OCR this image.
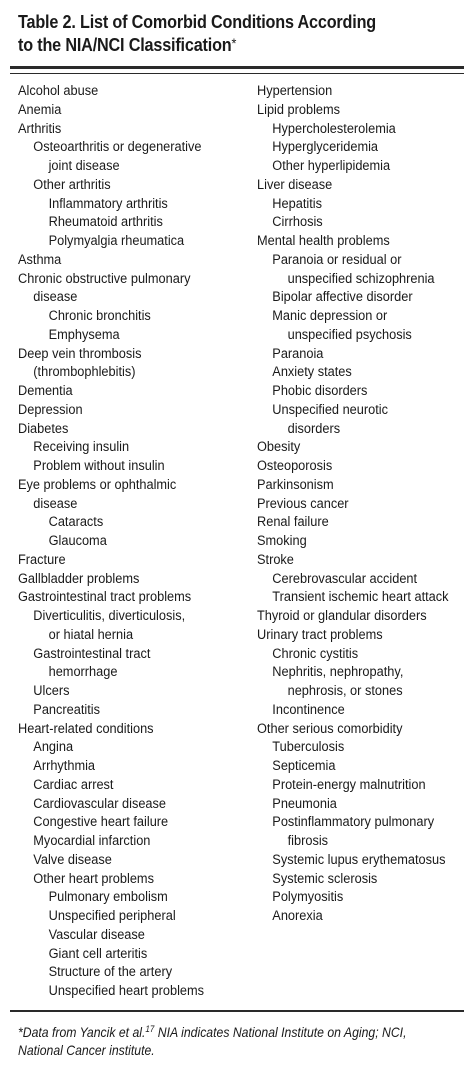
Table 2. List of Comorbid Conditions According
to the NIA/NCI Classification*
Alcohol abuse
Anemia
Arthritis
Osteoarthritis or degenerative
joint disease
Other arthritis
Inflammatory arthritis
Rheumatoid arthritis
Polymyalgia rheumatica
Asthma
Chronic obstructive pulmonary
disease
Chronic bronchitis
Emphysema
Deep vein thrombosis
(thrombophlebitis)
Dementia
Depression
Diabetes
Receiving insulin
Problem without insulin
Eye problems or ophthalmic
disease
Cataracts
Glaucoma
Fracture
Gallbladder problems
Gastrointestinal tract problems
Diverticulitis, diverticulosis,
or hiatal hernia
Gastrointestinal tract
hemorrhage
Ulcers
Pancreatitis
Heart-related conditions
Angina
Arrhythmia
Cardiac arrest
Cardiovascular disease
Congestive heart failure
Myocardial infarction
Valve disease
Other heart problems
Pulmonary embolism
Unspecified peripheral
Vascular disease
Giant cell arteritis
Structure of the artery
Unspecified heart problems
Hypertension
Lipid problems
Hypercholesterolemia
Hyperglyceridemia
Other hyperlipidemia
Liver disease
Hepatitis
Cirrhosis
Mental health problems
Paranoia or residual or
unspecified schizophrenia
Bipolar affective disorder
Manic depression or
unspecified psychosis
Paranoia
Anxiety states
Phobic disorders
Unspecified neurotic
disorders
Obesity
Osteoporosis
Parkinsonism
Previous cancer
Renal failure
Smoking
Stroke
Cerebrovascular accident
Transient ischemic heart attack
Thyroid or glandular disorders
Urinary tract problems
Chronic cystitis
Nephritis, nephropathy,
nephrosis, or stones
Incontinence
Other serious comorbidity
Tuberculosis
Septicemia
Protein-energy malnutrition
Pneumonia
Postinflammatory pulmonary
fibrosis
Systemic lupus erythematosus
Systemic sclerosis
Polymyositis
Anorexia
*Data from Yancik et al.$^{17}$ NIA indicates National Institute on Aging; NCI,
National Cancer institute.
